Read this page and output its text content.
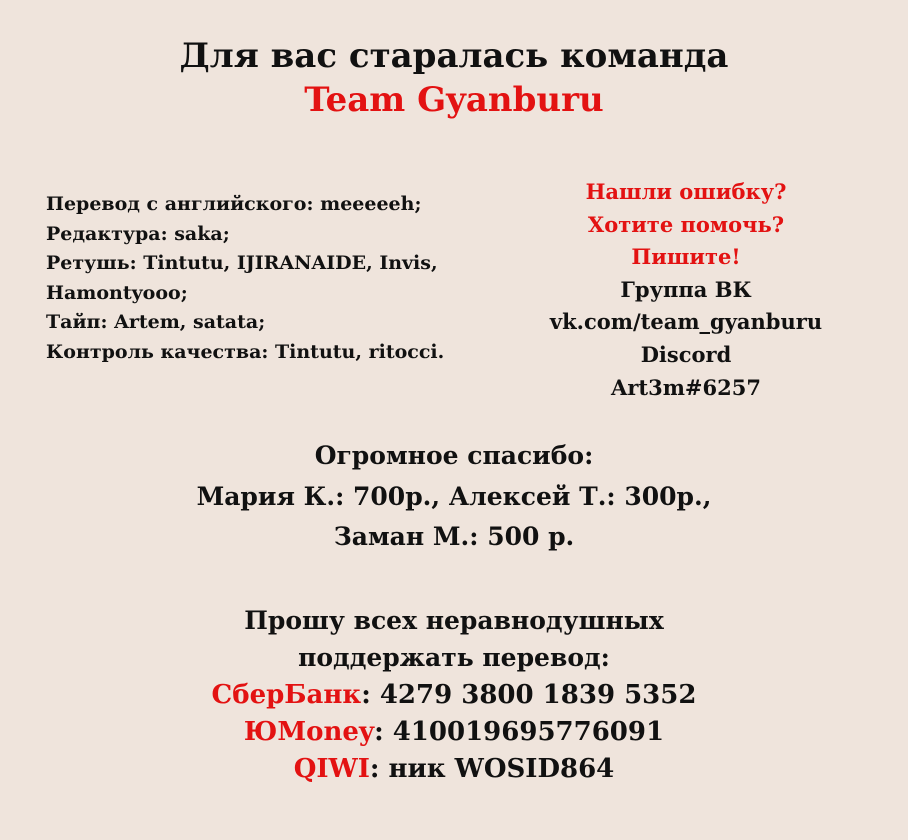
Для вас старалась команда
Team Gyanburu
Перевод с английского: meeeeeh;
Редактура: saka;
Ретушь: Tintutu, IJIRANAIDE, Invis,
Hamontyooo;
Тайп: Artem, satata;
Контроль качества: Tintutu, ritocci.
Нашли ошибку?
Хотите помочь?
Пишите!
Группа ВК
vk.com/team_gyanburu
Discord
Art3m#6257
Огромное спасибо:
Мария К.: 700р., Алексей Т.: 300р.,
Заман М.: 500 р.
Прошу всех неравнодушных
поддержать перевод:
СберБанк: 4279 3800 1839 5352
ЮMoney: 410019695776091
QIWI: ник WOSID864
